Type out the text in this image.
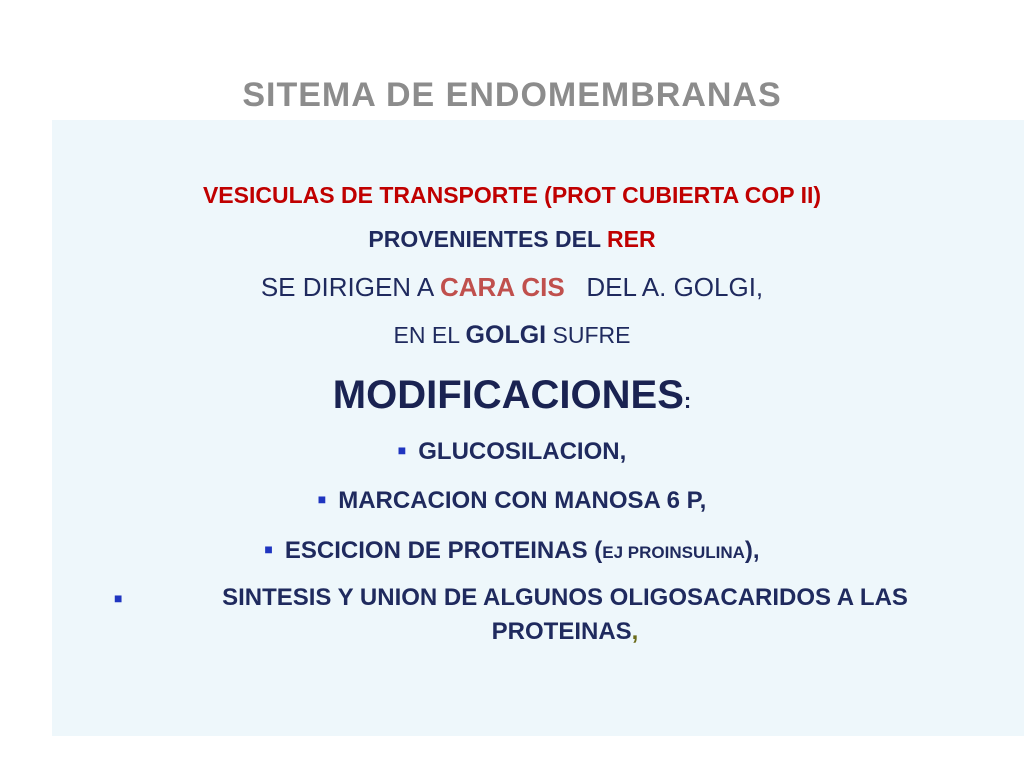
SITEMA DE ENDOMEMBRANAS
VESICULAS DE TRANSPORTE (PROT CUBIERTA COP II)
PROVENIENTES DEL RER
SE DIRIGEN A CARA CIS DEL A. GOLGI,
EN EL GOLGI SUFRE
MODIFICACIONES:
■ GLUCOSILACION,
■ MARCACION CON MANOSA 6 P,
■ ESCICION DE PROTEINAS (EJ PROINSULINA),
■	SINTESIS Y UNION DE ALGUNOS OLIGOSACARIDOS A LAS PROTEINAS,
